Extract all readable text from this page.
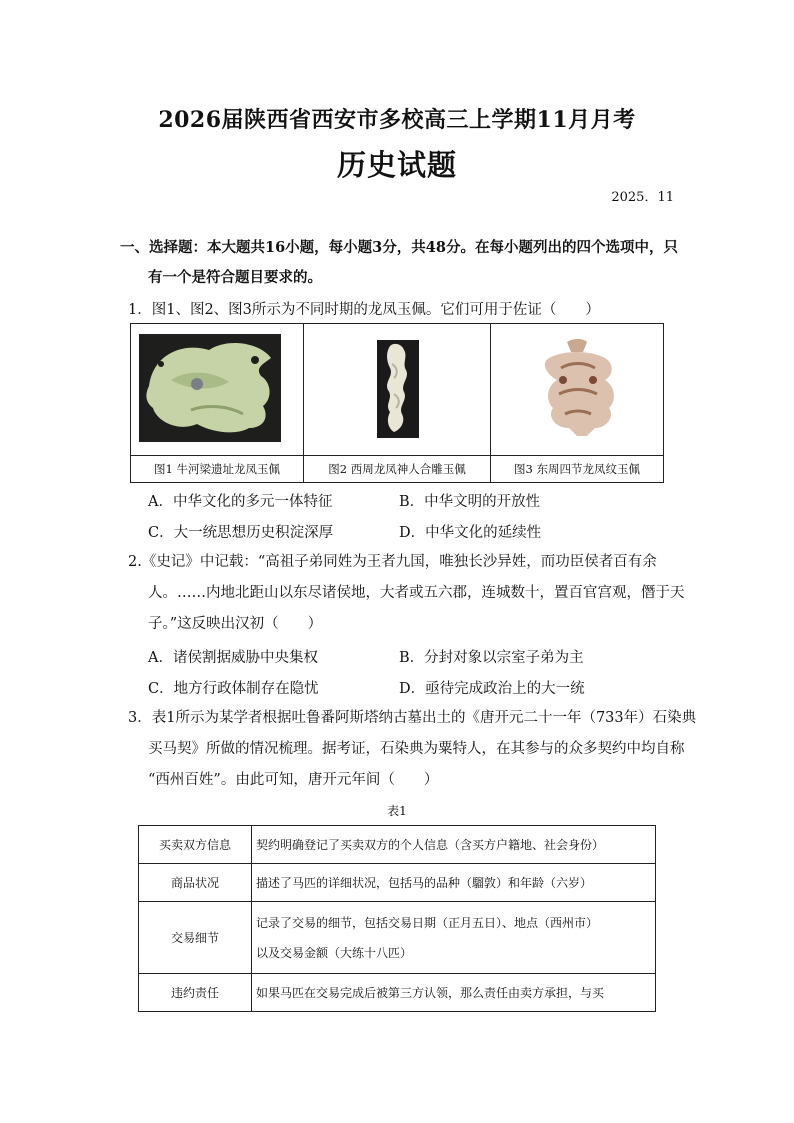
2026届陕西省西安市多校高三上学期11月月考
历史试题
2025．11
一、选择题：本大题共16小题，每小题3分，共48分。在每小题列出的四个选项中，只
有一个是符合题目要求的。
1．图1、图2、图3所示为不同时期的龙凤玉佩。它们可用于佐证（　　）

图1 牛河梁遗址龙凤玉佩	图2 西周龙凤神人合雕玉佩	图3 东周四节龙凤纹玉佩
A．中华文化的多元一体特征	B．中华文明的开放性
C．大一统思想历史积淀深厚	D．中华文化的延续性
2.《史记》中记载：“高祖子弟同姓为王者九国，唯独长沙异姓，而功臣侯者百有余
人。……内地北距山以东尽诸侯地，大者或五六郡，连城数十，置百官宫观，僭于天
子。”这反映出汉初（　　）
A．诸侯割据威胁中央集权	B．分封对象以宗室子弟为主
C．地方行政体制存在隐忧	D．亟待完成政治上的大一统
3．表1所示为某学者根据吐鲁番阿斯塔纳古墓出土的《唐开元二十一年（733年）石染典
买马契》所做的情况梳理。据考证，石染典为粟特人，在其参与的众多契约中均自称
“西州百姓”。由此可知，唐开元年间（　　）
表1
买卖双方信息	契约明确登记了买卖双方的个人信息（含买方户籍地、社会身份）
商品状况	描述了马匹的详细状况，包括马的品种（騮敦）和年龄（六岁）
交易细节	记录了交易的细节，包括交易日期（正月五日）、地点（西州市）
以及交易金额（大练十八匹）

违约责任	如果马匹在交易完成后被第三方认领，那么责任由卖方承担，与买
